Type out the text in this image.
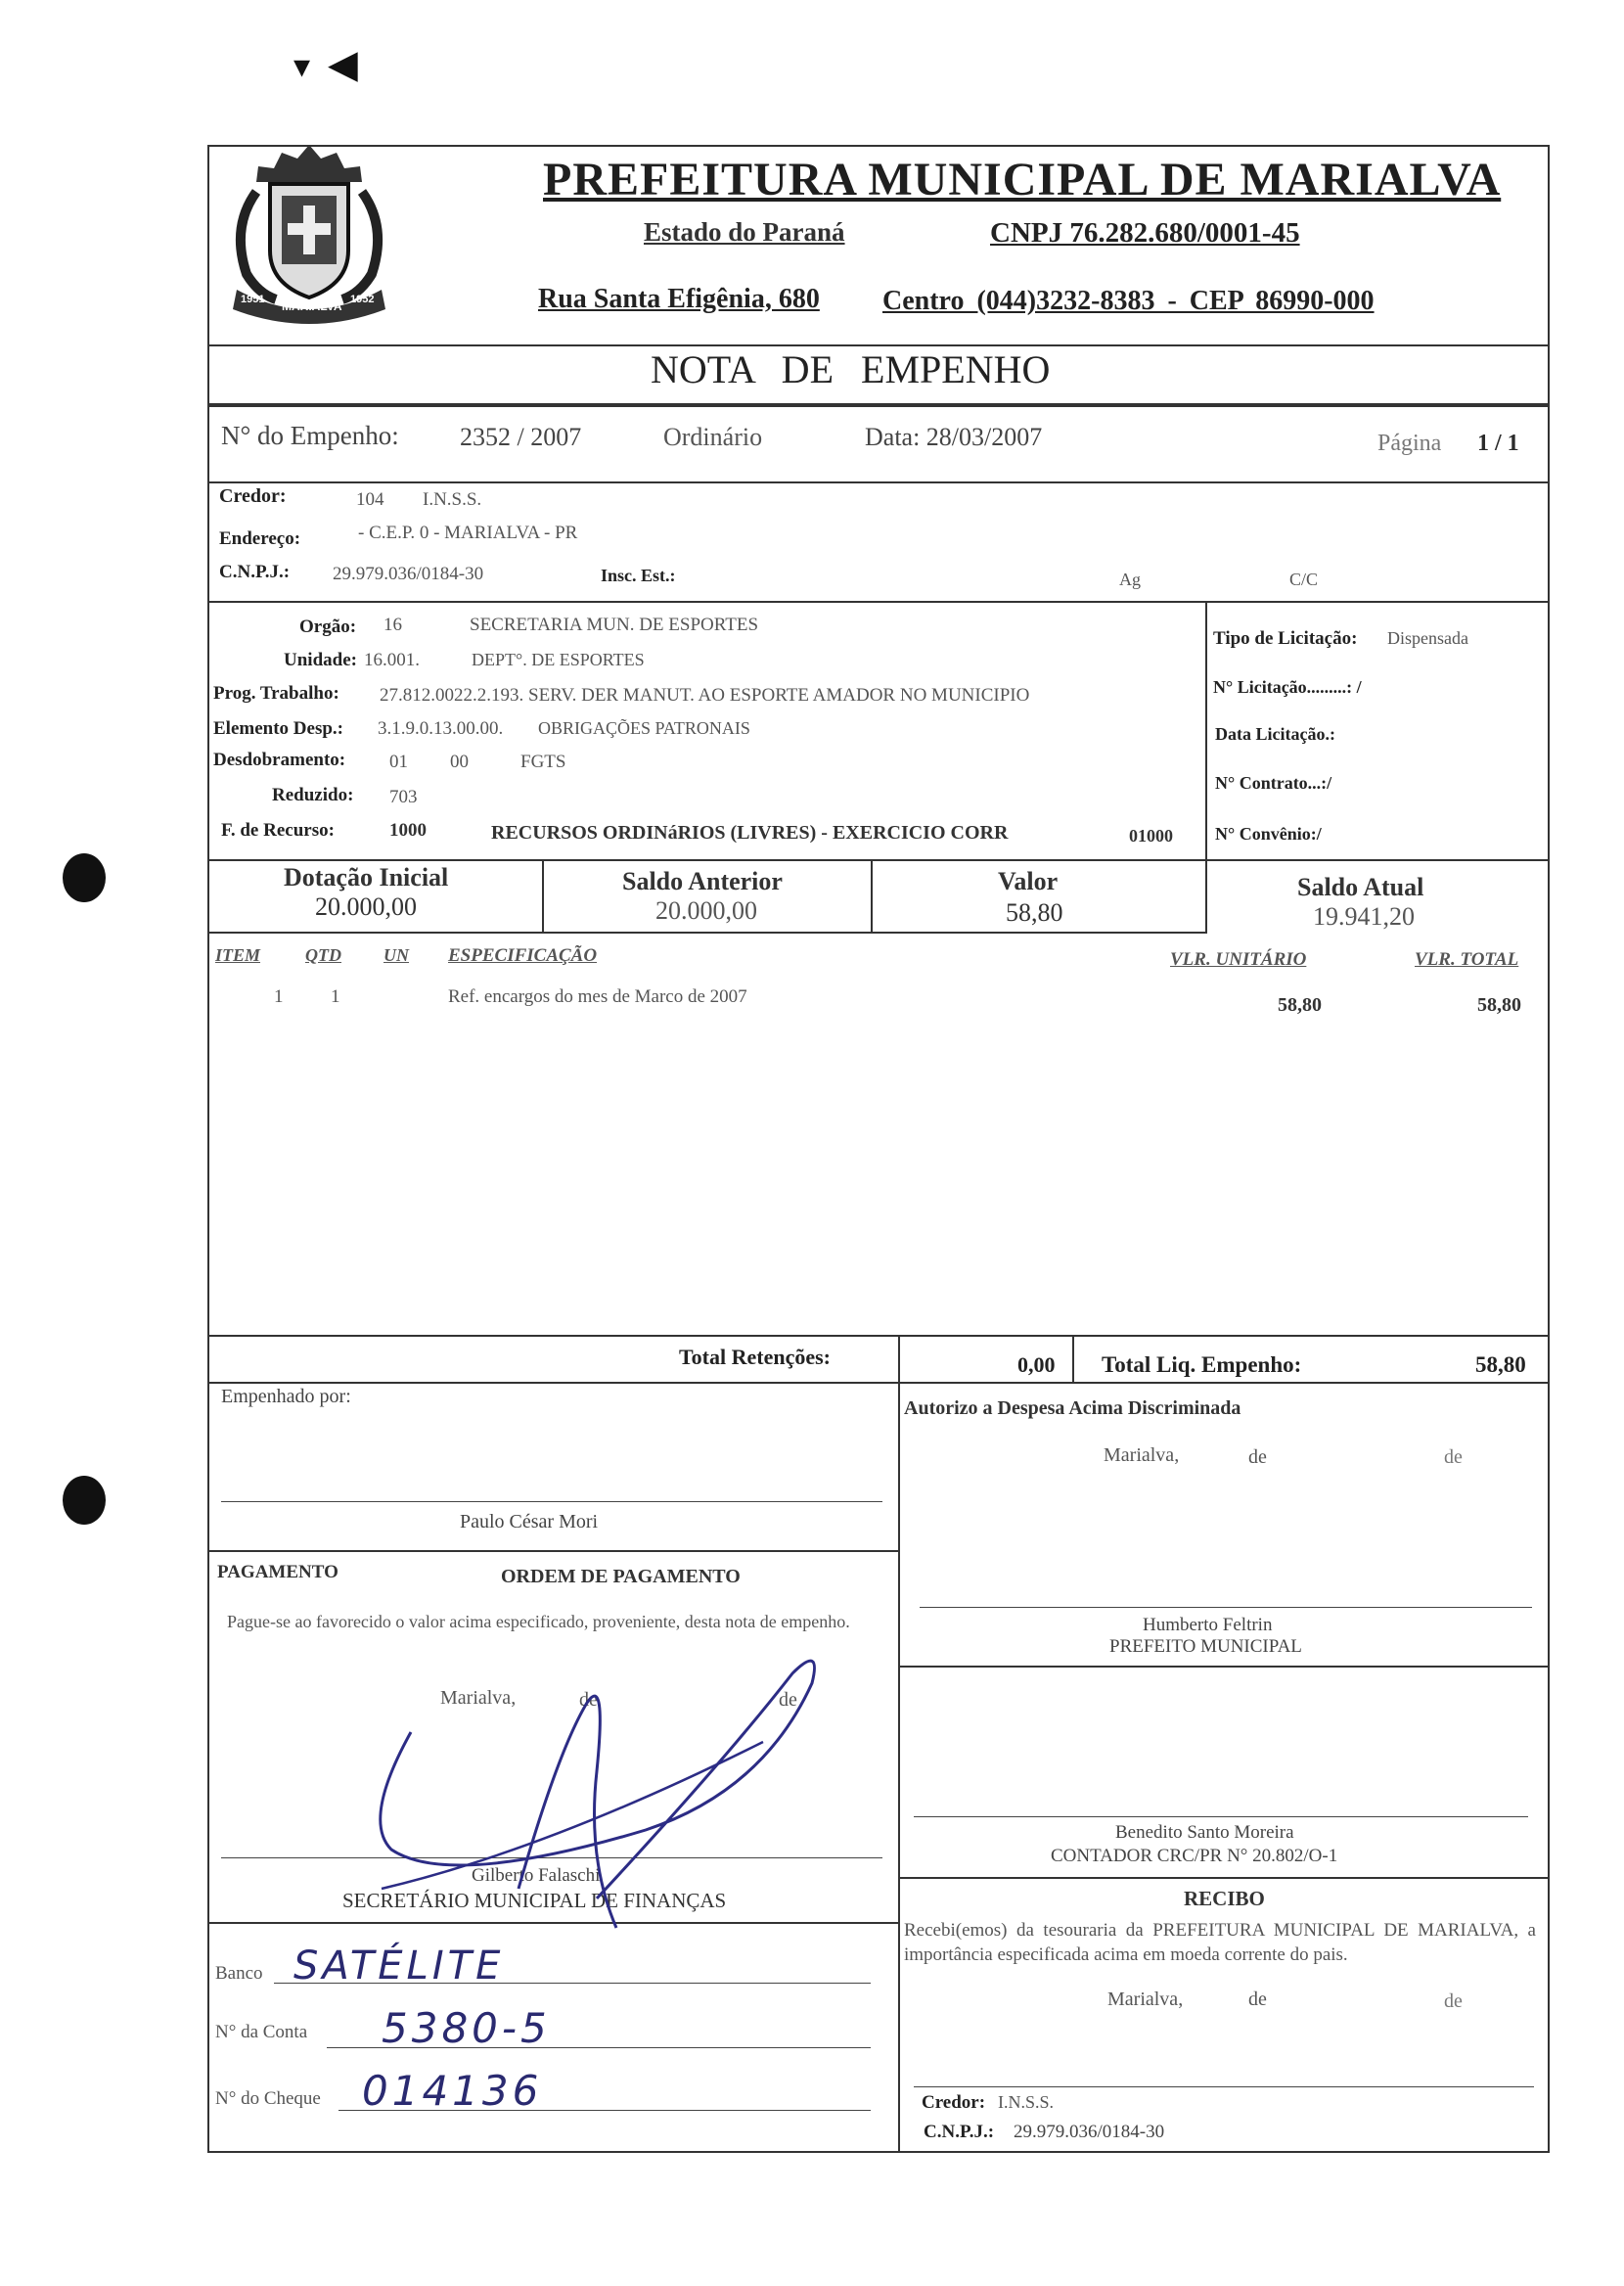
▾ ◀
MARIALVA
1951	1952
PREFEITURA MUNICIPAL DE MARIALVA
Estado do Paraná	CNPJ 76.282.680/0001-45
Rua Santa Efigênia, 680 Centro (044)3232-8383 - CEP 86990-000
NOTA DE EMPENHO
N° do Empenho: 2352 / 2007	Ordinário	Data: 28/03/2007	Página 1 / 1
Credor:	104 I.N.S.S.
Endereço:	- C.E.P. 0 - MARIALVA - PR
C.N.P.J.: 29.979.036/0184-30	Insc. Est.:	Ag	C/C
Orgão: 16	SECRETARIA MUN. DE ESPORTES
Unidade: 16.001.	DEPT°. DE ESPORTES
Prog. Trabalho: 27.812.0022.2.193. SERV. DER MANUT. AO ESPORTE AMADOR NO MUNICIPIO
Elemento Desp.: 3.1.9.0.13.00.00. OBRIGAÇÕES PATRONAIS
Desdobramento: 01 00	FGTS
Reduzido: 703
F. de Recurso:	1000	RECURSOS ORDINáRIOS (LIVRES) - EXERCICIO CORR	01000
Tipo de Licitação: Dispensada
N° Licitação.........: /
Data Licitação.:
N° Contrato...:/
N° Convênio:/
Dotação Inicial
20.000,00
Saldo Anterior
20.000,00
Valor
58,80
Saldo Atual
19.941,20
ITEM	QTD UN ESPECIFICAÇÃO	VLR. UNITÁRIO	VLR. TOTAL
1	1	Ref. encargos do mes de Marco de 2007	58,80	58,80
Total Retenções:	0,00 Total Liq. Empenho:	58,80
Empenhado por:
Paulo César Mori
PAGAMENTO	ORDEM DE PAGAMENTO
Pague-se ao favorecido o valor acima especificado, proveniente, desta nota de empenho.
Marialva,	de	de
Gilberto Falaschi
SECRETÁRIO MUNICIPAL DE FINANÇAS
Banco SATÉLITE
N° da Conta 5380-5
N° do Cheque 014136
Autorizo a Despesa Acima Discriminada
Marialva,	de	de
Humberto Feltrin
PREFEITO MUNICIPAL
Benedito Santo Moreira
CONTADOR CRC/PR N° 20.802/O-1
RECIBO
Recebi(emos) da tesouraria da PREFEITURA MUNICIPAL DE MARIALVA, a importância especificada acima em moeda corrente do pais.
Marialva,	de	de
Credor: I.N.S.S.
C.N.P.J.: 29.979.036/0184-30
